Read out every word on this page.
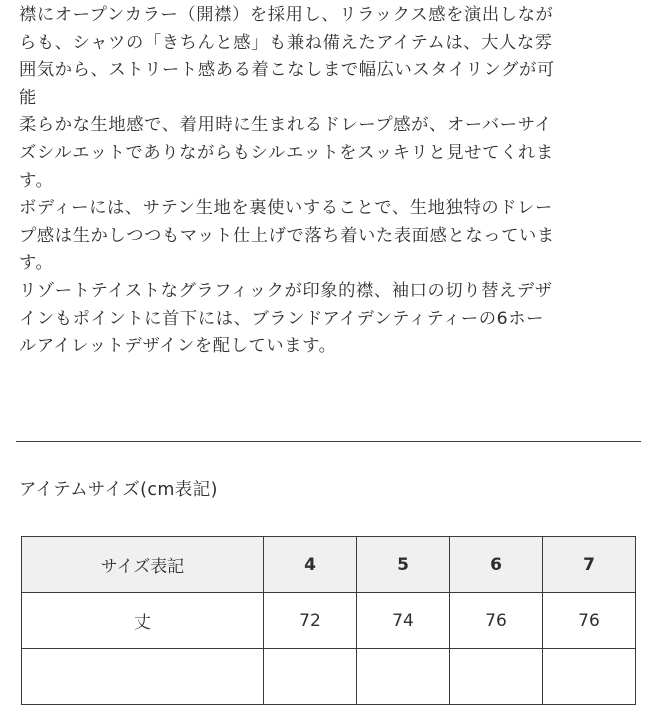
襟にオープンカラー（開襟）を採用し、リラックス感を演出しなが

らも、シャツの「きちんと感」も兼ね備えたアイテムは、大人な雰

囲気から、ストリート感ある着こなしまで幅広いスタイリングが可

能

柔らかな生地感で、着用時に生まれるドレープ感が、オーバーサイ

ズシルエットでありながらもシルエットをスッキリと見せてくれま

す。

ボディーには、サテン生地を裏使いすることで、生地独特のドレー

プ感は生かしつつもマット仕上げで落ち着いた表面感となっていま

す。

リゾートテイストなグラフィックが印象的襟、袖口の切り替えデザ

インもポイントに首下には、ブランドアイデンティティーの6ホー

ルアイレットデザインを配しています。

アイテムサイズ(cm表記)
サイズ表記	4	5	6	7
丈	72	74	76	76
